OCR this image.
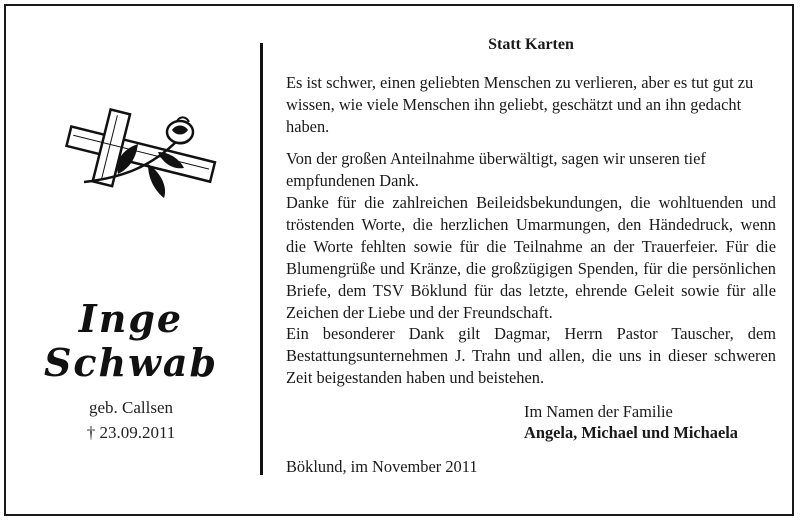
Inge
Schwab
geb. Callsen
† 23.09.2011
Statt Karten
Es ist schwer, einen geliebten Menschen zu verlieren, aber es tut gut zu wissen, wie viele Menschen ihn geliebt, geschätzt und an ihn gedacht haben.
Von der großen Anteilnahme überwältigt, sagen wir unseren tief empfundenen Dank.
Danke für die zahlreichen Beileidsbekundungen, die wohltuenden und tröstenden Worte, die herzlichen Umarmungen, den Händedruck, wenn die Worte fehlten sowie für die Teilnahme an der Trauerfeier. Für die Blumengrüße und Kränze, die großzügigen Spenden, für die persönlichen Briefe, dem TSV Böklund für das letzte, ehrende Geleit sowie für alle Zeichen der Liebe und der Freundschaft.
Ein besonderer Dank gilt Dagmar, Herrn Pastor Tauscher, dem Bestattungsunternehmen J. Trahn und allen, die uns in dieser schweren Zeit beigestanden haben und beistehen.
Im Namen der Familie
Angela, Michael und Michaela
Böklund, im November 2011
